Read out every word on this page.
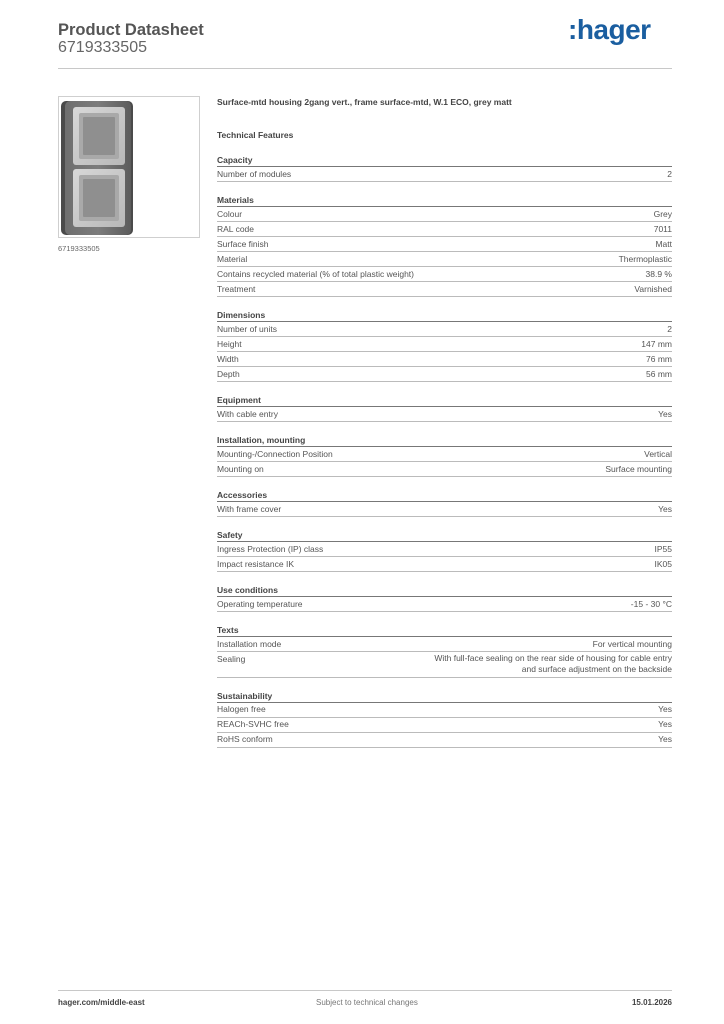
Product Datasheet
6719333505
:hager
6719333505
Surface-mtd housing 2gang vert., frame surface-mtd, W.1 ECO, grey matt
Technical Features
Capacity
Number of modules	2
Materials
Colour	Grey
RAL code	7011
Surface finish	Matt
Material	Thermoplastic
Contains recycled material (% of total plastic weight)	38.9 %
Treatment	Varnished
Dimensions
Number of units	2
Height	147 mm
Width	76 mm
Depth	56 mm
Equipment
With cable entry	Yes
Installation, mounting
Mounting-/Connection Position	Vertical
Mounting on	Surface mounting
Accessories
With frame cover	Yes
Safety
Ingress Protection (IP) class	IP55
Impact resistance IK	IK05
Use conditions
Operating temperature	-15 - 30 °C
Texts
Installation mode	For vertical mounting
Sealing	With full-face sealing on the rear side of housing for cable entry and surface adjustment on the backside
Sustainability
Halogen free	Yes
REACh-SVHC free	Yes
RoHS conform	Yes
hager.com/middle-east	Subject to technical changes	15.01.2026
